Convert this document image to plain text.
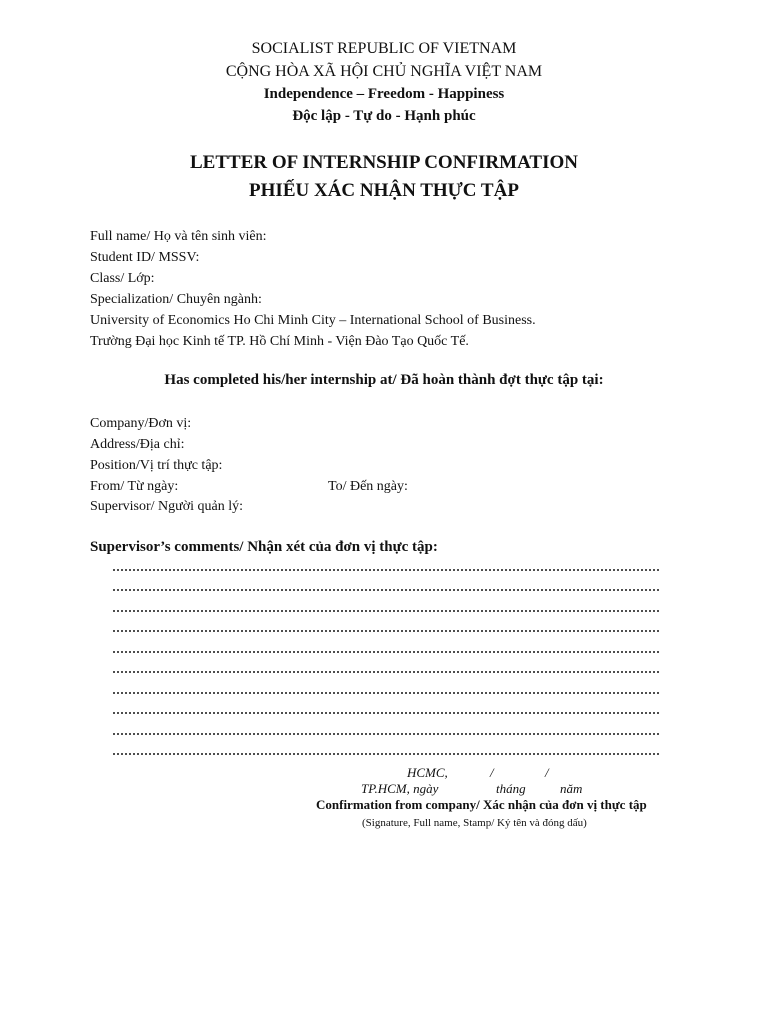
SOCIALIST REPUBLIC OF VIETNAM
CỘNG HÒA XÃ HỘI CHỦ NGHĨA VIỆT NAM
Independence – Freedom - Happiness
Độc lập - Tự do - Hạnh phúc
LETTER OF INTERNSHIP CONFIRMATION
PHIẾU XÁC NHẬN THỰC TẬP
Full name/ Họ và tên sinh viên:
Student ID/ MSSV:
Class/ Lớp:
Specialization/ Chuyên ngành:
University of Economics Ho Chi Minh City – International School of Business.
Trường Đại học Kinh tế TP. Hồ Chí Minh - Viện Đào Tạo Quốc Tế.
Has completed his/her internship at/ Đã hoàn thành đợt thực tập tại:
Company/Đơn vị:
Address/Địa chỉ:
Position/Vị trí thực tập:
From/ Từ ngày:	To/ Đến ngày:
Supervisor/ Người quản lý:
Supervisor’s comments/ Nhận xét của đơn vị thực tập:
HCMC,	/	/
TP.HCM, ngày	tháng	năm
Confirmation from company/ Xác nhận của đơn vị thực tập
(Signature, Full name, Stamp/ Ký tên và đóng dấu)
